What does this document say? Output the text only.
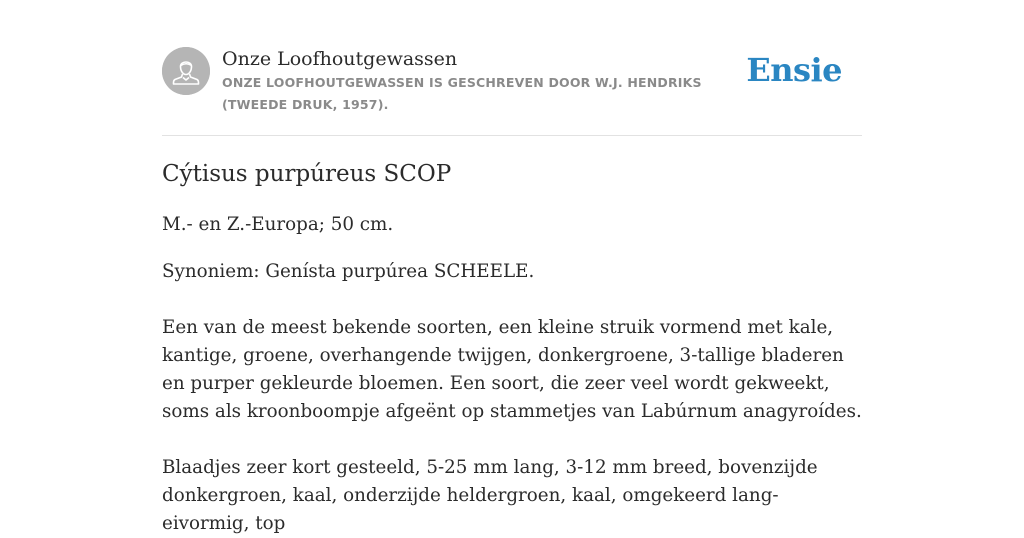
Onze Loofhoutgewassen
ONZE LOOFHOUTGEWASSEN IS GESCHREVEN DOOR W.J. HENDRIKS (TWEEDE DRUK, 1957).
Ensie
Cýtisus purpúreus SCOP

M.- en Z.-Europa; 50 cm.

Synoniem: Genísta purpúrea SCHEELE.

Een van de meest bekende soorten, een kleine struik vormend met kale, kantige, groene, overhangende twijgen, donkergroene, 3-tallige bladeren en purper gekleurde bloemen. Een soort, die zeer veel wordt gekweekt, soms als kroonboompje afgeënt op stammetjes van Labúrnum anagyroídes.

Blaadjes zeer kort gesteeld, 5-25 mm lang, 3-12 mm breed, bovenzijde donkergroen, kaal, onderzijde heldergroen, kaal, omgekeerd lang-eivormig, top
